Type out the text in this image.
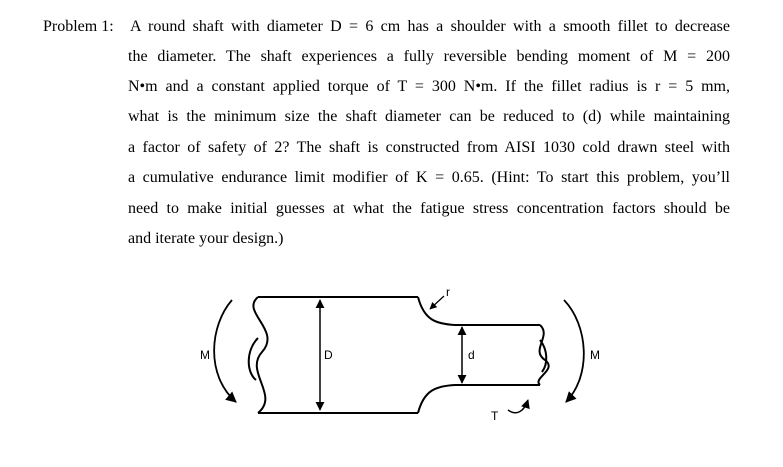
Problem 1: A round shaft with diameter D = 6 cm has a shoulder with a smooth fillet to decrease
the diameter. The shaft experiences a fully reversible bending moment of M = 200
N•m and a constant applied torque of T = 300 N•m. If the fillet radius is r = 5 mm,
what is the minimum size the shaft diameter can be reduced to (d) while maintaining
a factor of safety of 2? The shaft is constructed from AISI 1030 cold drawn steel with
a cumulative endurance limit modifier of K = 0.65. (Hint: To start this problem, you’ll
need to make initial guesses at what the fatigue stress concentration factors should be
and iterate your design.)
D	d
r
M	M
T
